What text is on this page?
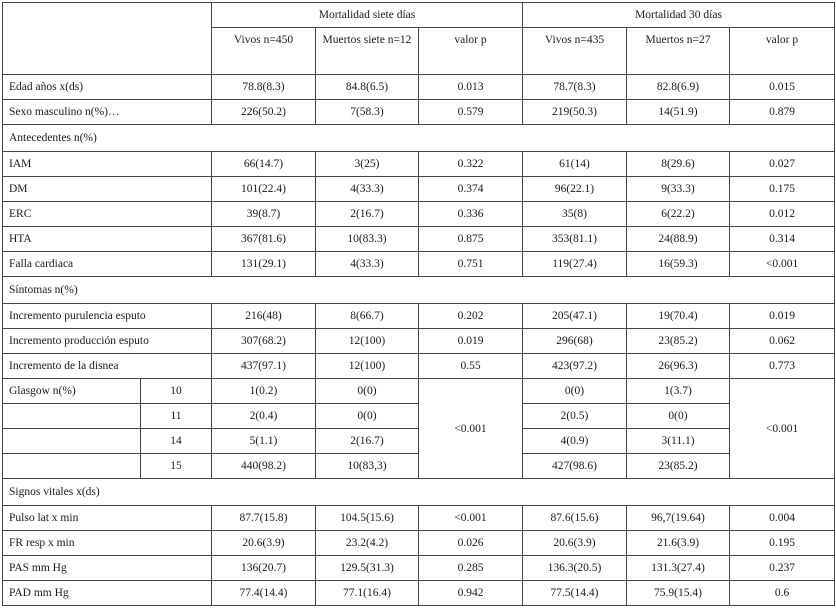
		Mortalidad siete días			Mortalidad 30 días		
		Vivos n=450	Muertos siete n=12	valor p	Vivos n=435	Muertos n=27	valor p
Edad años x(ds)		78.8(8.3)	84.8(6.5)	0.013	78.7(8.3)	82.8(6.9)	0.015
Sexo masculino n(%)…		226(50.2)	7(58.3)	0.579	219(50.3)	14(51.9)	0.879
Antecedentes n(%)							
IAM		66(14.7)	3(25)	0.322	61(14)	8(29.6)	0.027
DM		101(22.4)	4(33.3)	0.374	96(22.1)	9(33.3)	0.175
ERC		39(8.7)	2(16.7)	0.336	35(8)	6(22.2)	0.012
HTA		367(81.6)	10(83.3)	0.875	353(81.1)	24(88.9)	0.314
Falla cardiaca		131(29.1)	4(33.3)	0.751	119(27.4)	16(59.3)	<0.001
Síntomas n(%)							
Incremento purulencia esputo		216(48)	8(66.7)	0.202	205(47.1)	19(70.4)	0.019
Incremento producción esputo		307(68.2)	12(100)	0.019	296(68)	23(85.2)	0.062
Incremento de la disnea		437(97.1)	12(100)	0.55	423(97.2)	26(96.3)	0.773
Glasgow n(%)	10	1(0.2)	0(0)	<0.001	0(0)	1(3.7)	<0.001
	11	2(0.4)	0(0)		2(0.5)	0(0)	
	14	5(1.1)	2(16.7)		4(0.9)	3(11.1)	
	15	440(98.2)	10(83,3)		427(98.6)	23(85.2)	
Signos vitales x(ds)							
Pulso lat x min		87.7(15.8)	104.5(15.6)	<0.001	87.6(15.6)	96,7(19.64)	0.004
FR resp x min		20.6(3.9)	23.2(4.2)	0.026	20.6(3.9)	21.6(3.9)	0.195
PAS mm Hg		136(20.7)	129.5(31.3)	0.285	136.3(20.5)	131.3(27.4)	0.237
PAD mm Hg		77.4(14.4)	77.1(16.4)	0.942	77.5(14.4)	75.9(15.4)	0.6
